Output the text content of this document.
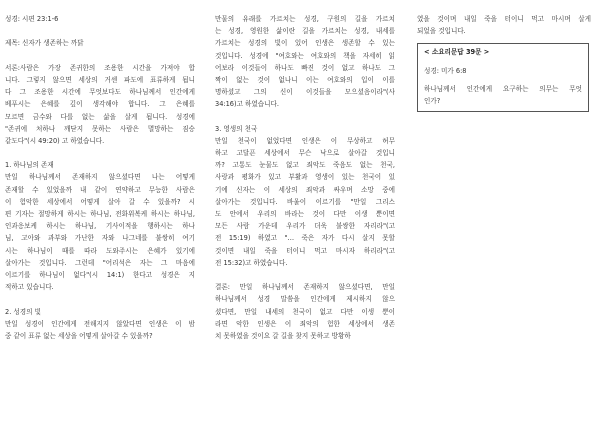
성경: 시편 23:1-6
제목: 신자가 생존하는 까닭
서론:사람은 가장 존귀한의 조용한 시간을 가져야 합
니다. 그렇지 않으면 세상의 거센 파도에 표류하게 됩니
다 그 조용한 시간에 무엇보다도 하나님께서 인간에게
베푸시는 은혜를 깊이 생각해야 합니다. 그 은혜를
모르면 금수와 다를 없는 삶을 살게 됩니다. 성경에
"존귀에 처하나 깨닫지 못하는 사람은 멸망하는 짐승
같도다"(시 49:20) 고 하였습니다.
1. 하나님의 존재
만일 하나님께서 존재하지 않으셨다면 나는 어떻게
존재할 수 있었을까 내 같이 연약하고 무능한 사람은
이 험악한 세상에서 어떻게 살아 갈 수 있을까? 시
편 기자는 절망하게 하시는 하나님, 전화위복케 하시는 하나님,
인과응보케 하시는 하나님, 기사이적을 행하시는 하나
님, 고아와 과부와 가난한 자와 나그네를 불쌍히 여기
시는 하나님이 때를 따라 도와주시는 은혜가 있기에
살아가는 것입니다. 그런데 "어리석은 자는 그 마음에
이르기를 하나님이 없다"(시 14:1) 한다고 성경은 지
적하고 있습니다.
2. 성경의 빛
만일 성경이 인간에게 전해지지 않았다면 인생은 이 밤
중 같이 표류 없는 세상을 어떻게 살아갈 수 있을까?
만물의 유래를 가르치는 성경, 구원의 길을 가르치
는 성경, 영원한 삶이란 길을 가르치는 성경, 내세를
가르치는 성경의 빛이 있어 인생은 생존할 수 있는
것입니다. 성경에 "여호와는 여호와의 책을 자세히 읽
어보라 이것들이 하나도 빠진 것이 없고 하나도 그
짝이 없는 것이 없나니 이는 여호와의 입이 이를
명하셨고 그의 신이 이것들을 모으셨음이라"(사
34:16)고 하였습니다.
3. 영생의 천국
만일 천국이 없었다면 인생은 이 무상하고 허무
하고 고달픈 세상에서 무슨 낙으로 살아갈 것입니
까? 고통도 눈물도 없고 죄악도 죽음도 없는 천국,
사랑과 평화가 있고 부활과 영생이 있는 천국이 있
기에 신자는 이 세상의 죄악과 싸우며 소망 중에
살아가는 것입니다. 바울이 이르기를 "만일 그리스
도 안에서 우리의 바라는 것이 다만 이생 뿐이면
모든 사람 가운데 우리가 더욱 불쌍한 자리라"(고
전 15:19) 하였고 "… 죽은 자가 다시 살지 못할
것이면 내일 죽을 터이니 먹고 마시자 하리라"(고
전 15:32)고 하였습니다.
결론: 만일 하나님께서 존재하지 않으셨다면, 만일
하나님께서 성경 말씀을 인간에게 제시하지 않으
셨다면, 만일 내세의 천국이 없고 다만 이생 뿐이
라면 악한 인생은 이 죄악의 험한 세상에서 생존
치 못하였을 것이요 갈 길을 찾지 못하고 방황하
였을 것이며 내일 죽을 터이니 먹고 마시며 살게
되었을 것입니다.
< 소요리문답 39문 >
성경: 미가 6:8
하나님께서 인간에게 요구하는 의무는 무엇
인가?
